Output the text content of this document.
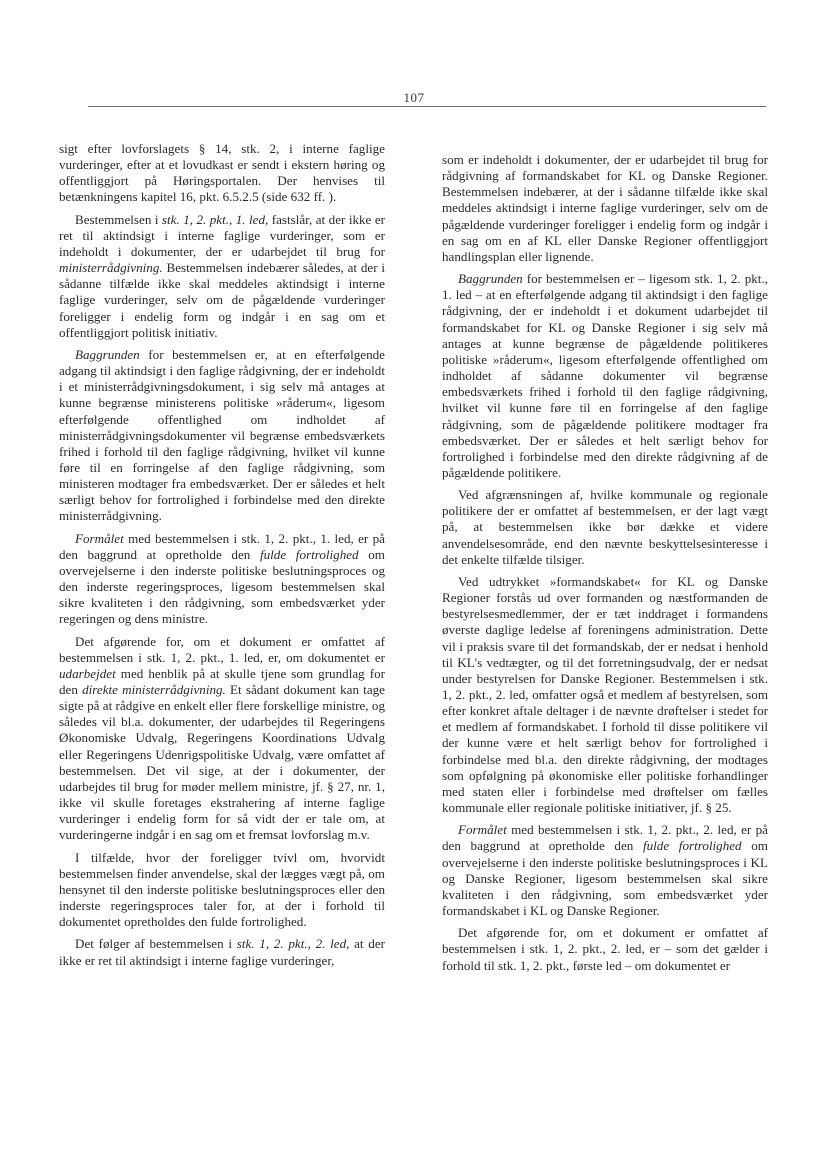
107

sigt efter lovforslagets § 14, stk. 2, i interne faglige vurderinger, efter at et lovudkast er sendt i ekstern høring og offentliggjort på Høringsportalen. Der henvises til betænkningens kapitel 16, pkt. 6.5.2.5 (side 632 ff. ).

Bestemmelsen i stk. 1, 2. pkt., 1. led, fastslår, at der ikke er ret til aktindsigt i interne faglige vurderinger, som er indeholdt i dokumenter, der er udarbejdet til brug for ministerrådgivning. Bestemmelsen indebærer således, at der i sådanne tilfælde ikke skal meddeles aktindsigt i interne faglige vurderinger, selv om de pågældende vurderinger foreligger i endelig form og indgår i en sag om et offentliggjort politisk initiativ.

Baggrunden for bestemmelsen er, at en efterfølgende adgang til aktindsigt i den faglige rådgivning, der er indeholdt i et ministerrådgivningsdokument, i sig selv må antages at kunne begrænse ministerens politiske »råderum«, ligesom efterfølgende offentlighed om indholdet af ministerrådgivningsdokumenter vil begrænse embedsværkets frihed i forhold til den faglige rådgivning, hvilket vil kunne føre til en forringelse af den faglige rådgivning, som ministeren modtager fra embedsværket. Der er således et helt særligt behov for fortrolighed i forbindelse med den direkte ministerrådgivning.

Formålet med bestemmelsen i stk. 1, 2. pkt., 1. led, er på den baggrund at opretholde den fulde fortrolighed om overvejelserne i den inderste politiske beslutningsproces og den inderste regeringsproces, ligesom bestemmelsen skal sikre kvaliteten i den rådgivning, som embedsværket yder regeringen og dens ministre.

Det afgørende for, om et dokument er omfattet af bestemmelsen i stk. 1, 2. pkt., 1. led, er, om dokumentet er udarbejdet med henblik på at skulle tjene som grundlag for den direkte ministerrådgivning. Et sådant dokument kan tage sigte på at rådgive en enkelt eller flere forskellige ministre, og således vil bl.a. dokumenter, der udarbejdes til Regeringens Økonomiske Udvalg, Regeringens Koordinations Udvalg eller Regeringens Udenrigspolitiske Udvalg, være omfattet af bestemmelsen. Det vil sige, at der i dokumenter, der udarbejdes til brug for møder mellem ministre, jf. § 27, nr. 1, ikke vil skulle foretages ekstrahering af interne faglige vurderinger i endelig form for så vidt der er tale om, at vurderingerne indgår i en sag om et fremsat lovforslag m.v.

I tilfælde, hvor der foreligger tvivl om, hvorvidt bestemmelsen finder anvendelse, skal der lægges vægt på, om hensynet til den inderste politiske beslutningsproces eller den inderste regeringsproces taler for, at der i forhold til dokumentet opretholdes den fulde fortrolighed.

Det følger af bestemmelsen i stk. 1, 2. pkt., 2. led, at der ikke er ret til aktindsigt i interne faglige vurderinger,

som er indeholdt i dokumenter, der er udarbejdet til brug for rådgivning af formandskabet for KL og Danske Regioner. Bestemmelsen indebærer, at der i sådanne tilfælde ikke skal meddeles aktindsigt i interne faglige vurderinger, selv om de pågældende vurderinger foreligger i endelig form og indgår i en sag om en af KL eller Danske Regioner offentliggjort handlingsplan eller lignende.

Baggrunden for bestemmelsen er – ligesom stk. 1, 2. pkt., 1. led – at en efterfølgende adgang til aktindsigt i den faglige rådgivning, der er indeholdt i et dokument udarbejdet til formandskabet for KL og Danske Regioner i sig selv må antages at kunne begrænse de pågældende politikeres politiske »råderum«, ligesom efterfølgende offentlighed om indholdet af sådanne dokumenter vil begrænse embedsværkets frihed i forhold til den faglige rådgivning, hvilket vil kunne føre til en forringelse af den faglige rådgivning, som de pågældende politikere modtager fra embedsværket. Der er således et helt særligt behov for fortrolighed i forbindelse med den direkte rådgivning af de pågældende politikere.

Ved afgrænsningen af, hvilke kommunale og regionale politikere der er omfattet af bestemmelsen, er der lagt vægt på, at bestemmelsen ikke bør dække et videre anvendelsesområde, end den nævnte beskyttelsesinteresse i det enkelte tilfælde tilsiger.

Ved udtrykket »formandskabet« for KL og Danske Regioner forstås ud over formanden og næstformanden de bestyrelsesmedlemmer, der er tæt inddraget i formandens øverste daglige ledelse af foreningens administration. Dette vil i praksis svare til det formandskab, der er nedsat i henhold til KL's vedtægter, og til det forretningsudvalg, der er nedsat under bestyrelsen for Danske Regioner. Bestemmelsen i stk. 1, 2. pkt., 2. led, omfatter også et medlem af bestyrelsen, som efter konkret aftale deltager i de nævnte drøftelser i stedet for et medlem af formandskabet. I forhold til disse politikere vil der kunne være et helt særligt behov for fortrolighed i forbindelse med bl.a. den direkte rådgivning, der modtages som opfølgning på økonomiske eller politiske forhandlinger med staten eller i forbindelse med drøftelser om fælles kommunale eller regionale politiske initiativer, jf. § 25.

Formålet med bestemmelsen i stk. 1, 2. pkt., 2. led, er på den baggrund at opretholde den fulde fortrolighed om overvejelserne i den inderste politiske beslutningsproces i KL og Danske Regioner, ligesom bestemmelsen skal sikre kvaliteten i den rådgivning, som embedsværket yder formandskabet i KL og Danske Regioner.

Det afgørende for, om et dokument er omfattet af bestemmelsen i stk. 1, 2. pkt., 2. led, er – som det gælder i forhold til stk. 1, 2. pkt., første led – om dokumentet er
